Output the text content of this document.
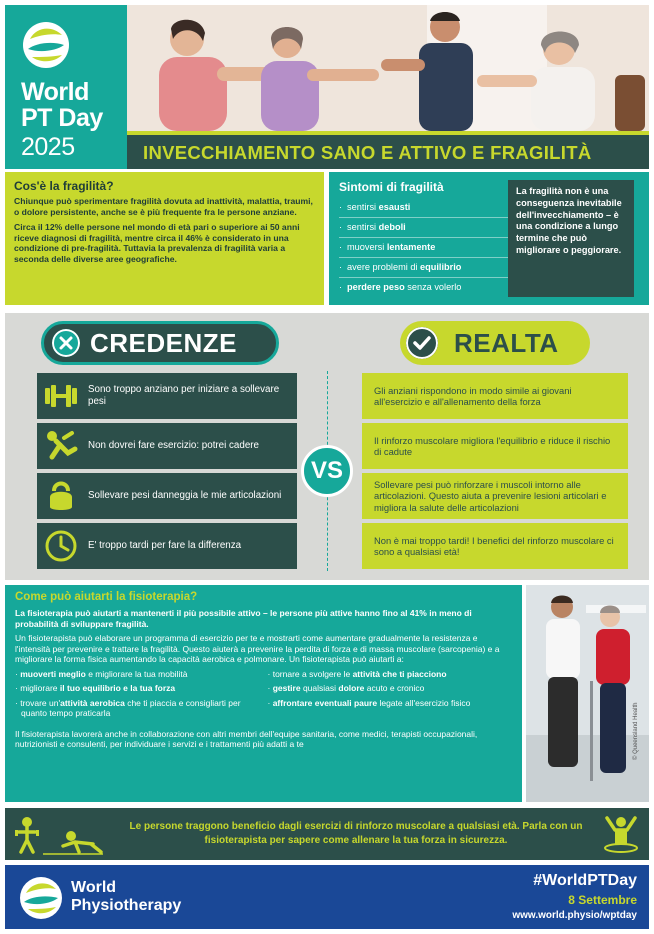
World
PT Day
2025	INVECCHIAMENTO SANO E ATTIVO E FRAGILITÀ
Cos'è la fragilità?

Chiunque può sperimentare fragilità dovuta ad inattività, malattia, traumi, o dolore persistente, anche se è più frequente fra le persone anziane.

Circa il 12% delle persone nel mondo di età pari o superiore ai 50 anni riceve diagnosi di fragilità, mentre circa il 46% è considerato in una condizione di pre-fragilità. Tuttavia la prevalenza di fragilità varia a seconda delle diverse aree geografiche.

Sintomi di fragilità
· sentirsi esausti
· sentirsi deboli
· muoversi lentamente
· avere problemi di equilibrio
· perdere peso senza volerlo
La fragilità non è una conseguenza inevitabile dell'invecchiamento – è una condizione a lungo termine che può migliorare o peggiorare.
CREDENZE	REALTA
Sono troppo anziano per iniziare a sollevare pesi
Non dovrei fare esercizio: potrei cadere
Sollevare pesi danneggia le mie articolazioni
E' troppo tardi per fare la differenza
VS
Gli anziani rispondono in modo simile ai giovani all'esercizio e all'allenamento della forza
Il rinforzo muscolare migliora l'equilibrio e riduce il rischio di cadute
Sollevare pesi può rinforzare i muscoli intorno alle articolazioni. Questo aiuta a prevenire lesioni articolari e migliora la salute delle articolazioni
Non è mai troppo tardi! I benefici del rinforzo muscolare ci sono a qualsiasi età!
Come può aiutarti la fisioterapia?

La fisioterapia può aiutarti a mantenerti il più possibile attivo – le persone più attive hanno fino al 41% in meno di probabilità di sviluppare fragilità.

Un fisioterapista può elaborare un programma di esercizio per te e mostrarti come aumentare gradualmente la resistenza e l'intensità per prevenire e trattare la fragilità. Questo aiuterà a prevenire la perdita di forza e di massa muscolare (sarcopenia) e a migliorare la forma fisica aumentando la capacità aerobica e polmonare. Un fisioterapista può aiutarti a:

· muoverti meglio e migliorare la tua mobilità
· migliorare il tuo equilibrio e la tua forza
· trovare un'attività aerobica che ti piaccia e consigliarti per quanto tempo praticarla
· tornare a svolgere le attività che ti piacciono
· gestire qualsiasi dolore acuto e cronico
· affrontare eventuali paure legate all'esercizio fisico

Il fisioterapista lavorerà anche in collaborazione con altri membri dell'equipe sanitaria, come medici, terapisti occupazionali, nutrizionisti e consulenti, per individuare i servizi e i trattamenti più adatti a te	© Queensland Health
Le persone traggono beneficio dagli esercizi di rinforzo muscolare a qualsiasi età. Parla con un fisioterapista per sapere come allenare la tua forza in sicurezza.
World
Physiotherapy
#WorldPTDay
8 Settembre
www.world.physio/wptday
